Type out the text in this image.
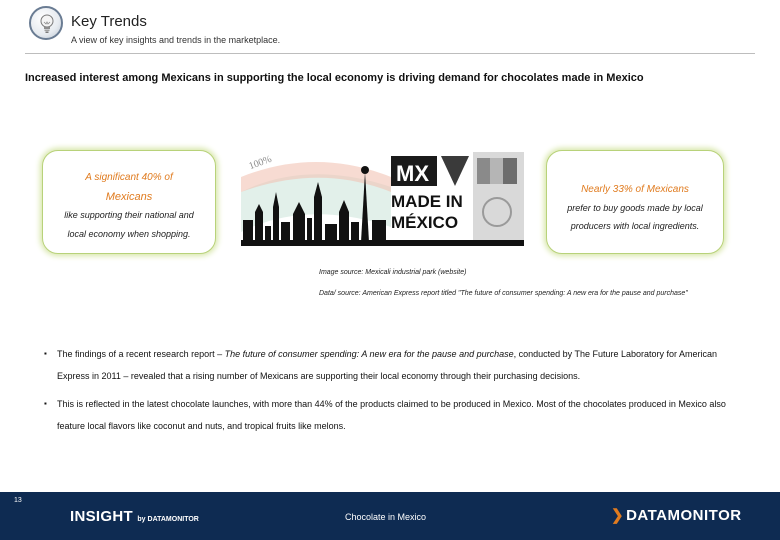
Key Trends
A view of key insights and trends in the marketplace.
Increased interest among Mexicans in supporting the local economy is driving demand for chocolates made in Mexico
A significant 40% of
Mexicans
like supporting their national and
local economy when shopping.
100%	MX
MADE IN
MÉXICO
Nearly 33% of Mexicans
prefer to buy goods made by local
producers with local ingredients.
Image source: Mexicali industrial park (website)
Data/ source: American Express report titled "The future of consumer spending: A new era for the pause and purchase"
▪ The findings of a recent research report – The future of consumer spending: A new era for the pause and purchase, conducted by The Future Laboratory for American Express in 2011 – revealed that a rising number of Mexicans are supporting their local economy through their purchasing decisions.
▪ This is reflected in the latest chocolate launches, with more than 44% of the products claimed to be produced in Mexico. Most of the chocolates produced in Mexico also feature local flavors like coconut and nuts, and tropical fruits like melons.
13
INSIGHT by DATAMONITOR	Chocolate in Mexico	❯ DATAMONITOR
